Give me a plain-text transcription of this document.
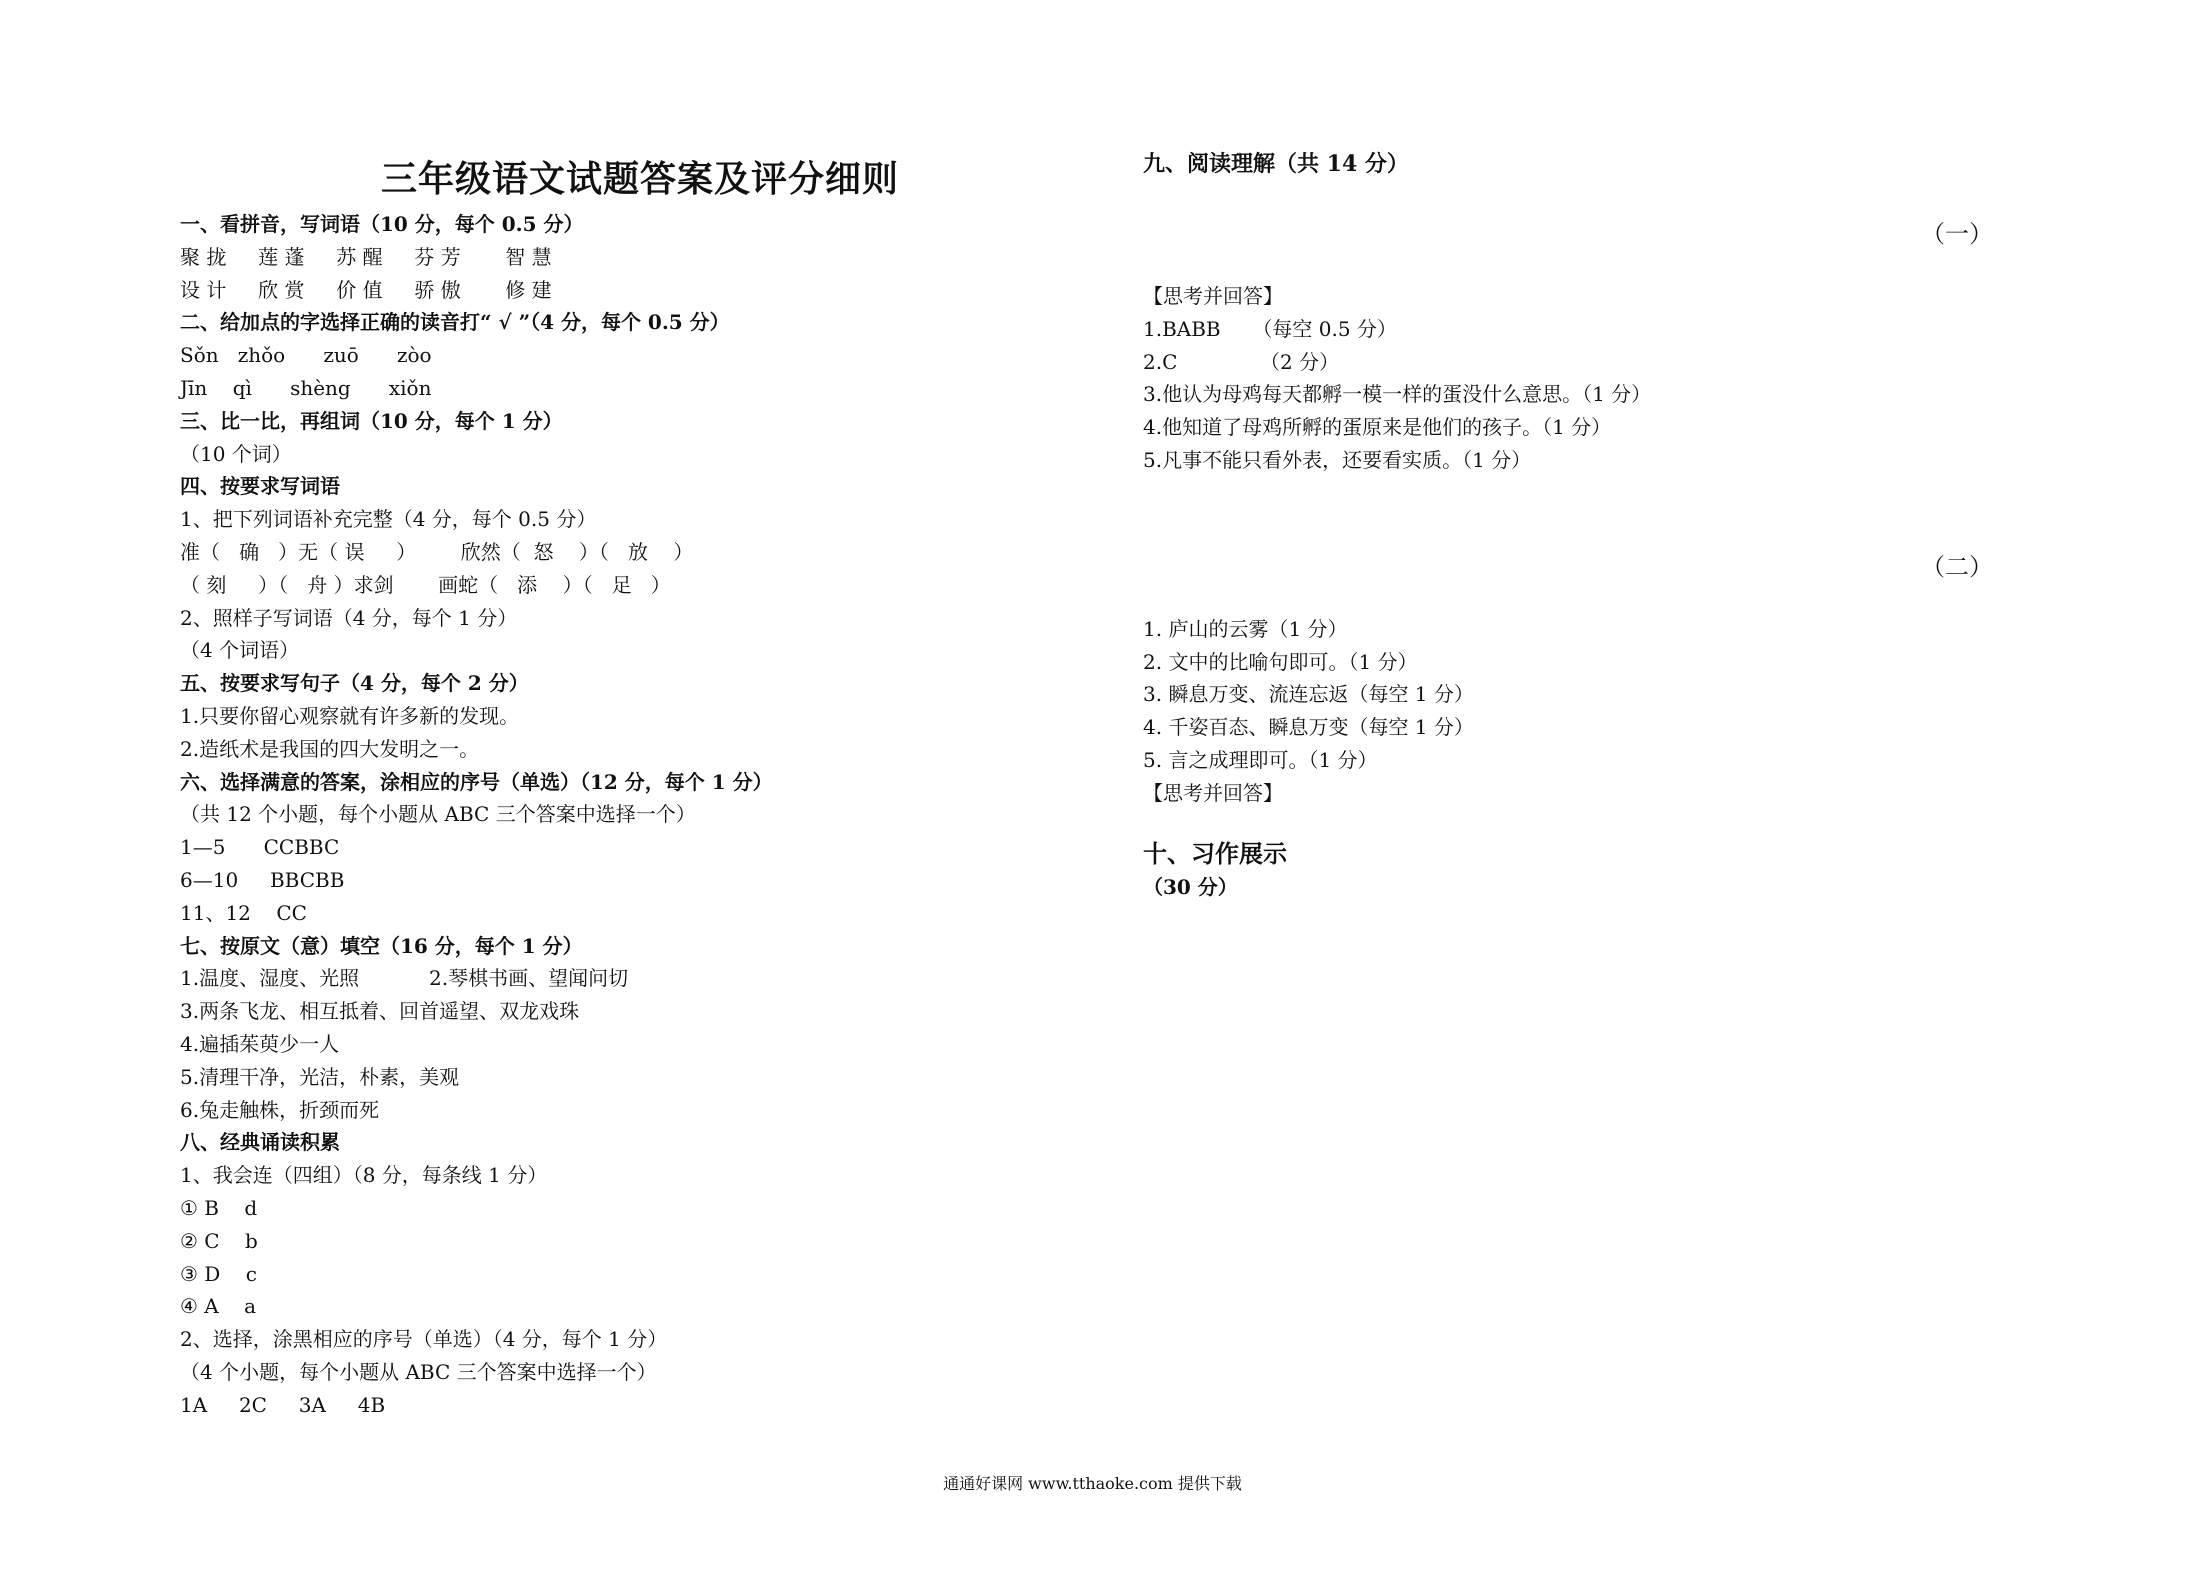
三年级语文试题答案及评分细则
一、看拼音，写词语（10 分，每个 0.5 分）
聚 拢     莲 蓬     苏 醒     芬 芳       智 慧
设 计     欣 赏     价 值     骄 傲       修 建
二、给加点的字选择正确的读音打“ √ ”（4 分，每个 0.5 分）
Sǒn   zhǒo      zuō      zòo
Jīn    qì      shèng      xiǒn
三、比一比，再组词（10 分，每个 1 分）
（10 个词）
四、按要求写词语
1、把下列词语补充完整（4 分，每个 0.5 分）
准（   确   ）无（ 误     ）       欣然（  怒    ）（   放    ）
（ 刻     ）（   舟 ）求剑       画蛇（   添    ）（   足   ）
2、照样子写词语（4 分，每个 1 分）
（4 个词语）
五、按要求写句子（4 分，每个 2 分）
1.只要你留心观察就有许多新的发现。
2.造纸术是我国的四大发明之一。
六、选择满意的答案，涂相应的序号（单选）（12 分，每个 1 分）
（共 12 个小题，每个小题从 ABC 三个答案中选择一个）
1—5      CCBBC
6—10     BBCBB
11、12    CC
七、按原文（意）填空（16 分，每个 1 分）
1.温度、湿度、光照           2.琴棋书画、望闻问切
3.两条飞龙、相互抵着、回首遥望、双龙戏珠
4.遍插茱萸少一人
5.清理干净，光洁，朴素，美观
6.兔走触株，折颈而死
八、经典诵读积累
1、我会连（四组）（8 分，每条线 1 分）
① B    d
② C    b
③ D    c
④ A    a
2、选择，涂黑相应的序号（单选）（4 分，每个 1 分）
（4 个小题，每个小题从 ABC 三个答案中选择一个）
1A     2C     3A     4B
九、阅读理解（共 14 分）
（一）
【思考并回答】
1.BABB     （每空 0.5 分）
2.C             （2 分）
3.他认为母鸡每天都孵一模一样的蛋没什么意思。（1 分）
4.他知道了母鸡所孵的蛋原来是他们的孩子。（1 分）
5.凡事不能只看外表，还要看实质。（1 分）
（二）
1. 庐山的云雾（1 分）
2. 文中的比喻句即可。（1 分）
3. 瞬息万变、流连忘返（每空 1 分）
4. 千姿百态、瞬息万变（每空 1 分）
5. 言之成理即可。（1 分）
【思考并回答】
十、习作展示
（30 分）
通通好课网 www.tthaoke.com 提供下载
